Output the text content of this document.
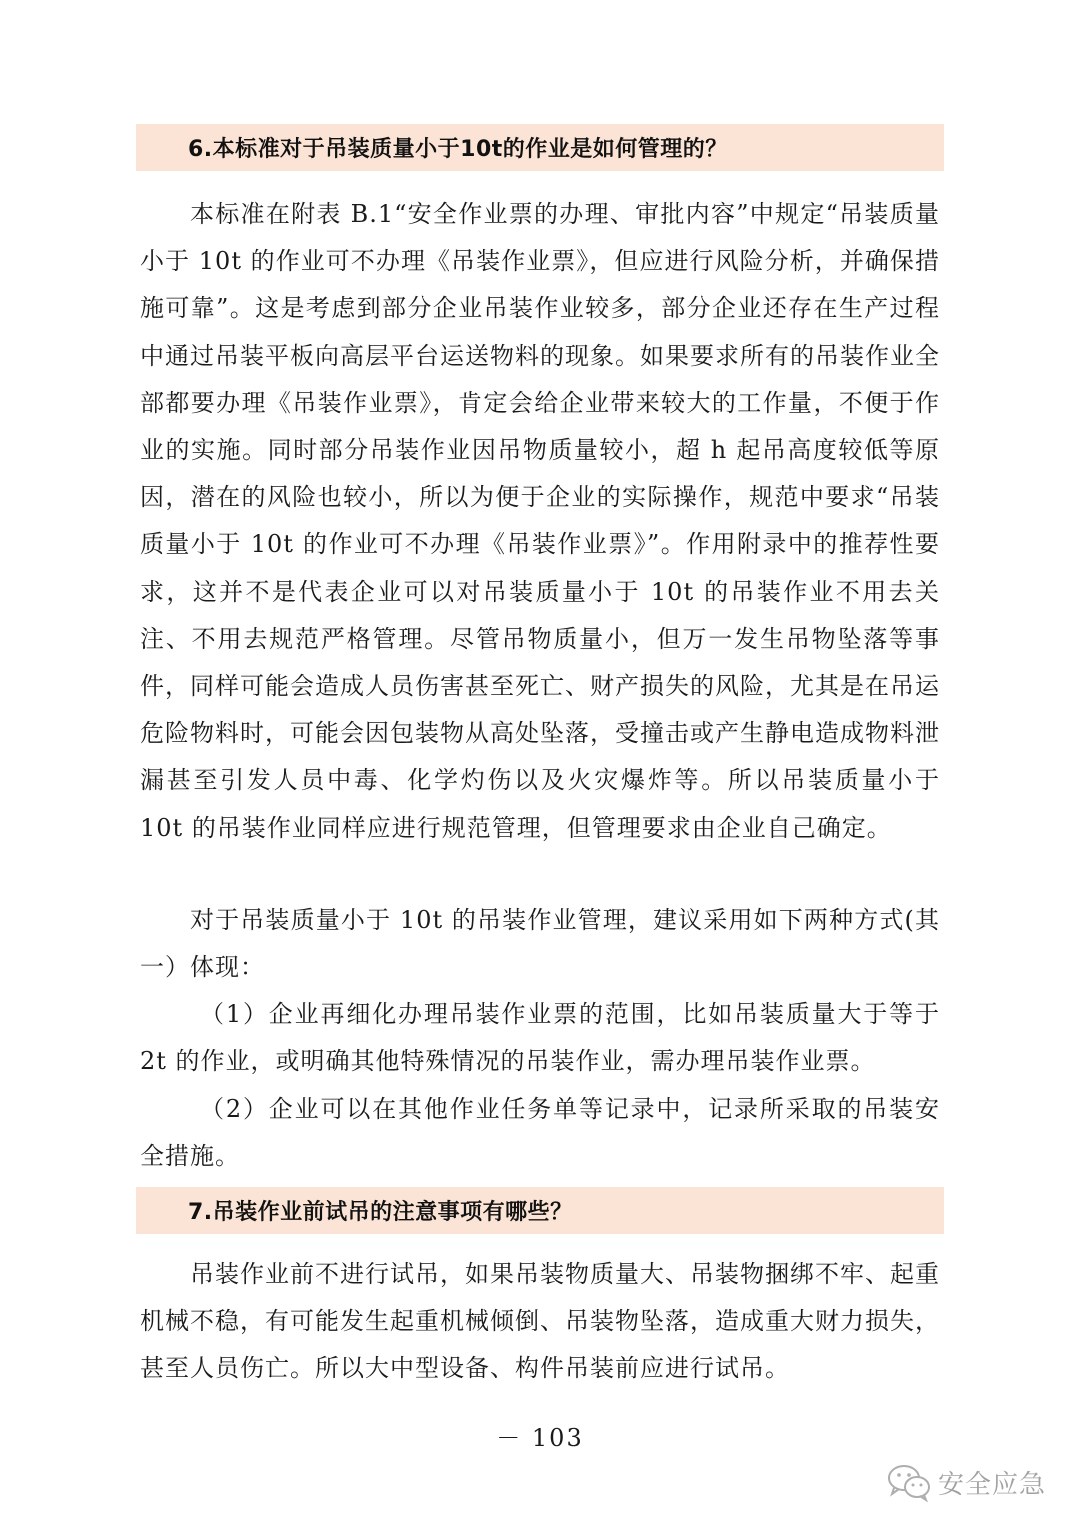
6.本标准对于吊装质量小于10t的作业是如何管理的？

本标准在附表 B.1“安全作业票的办理、审批内容”中规定“吊装质量小于 10t 的作业可不办理《吊装作业票》，但应进行风险分析，并确保措施可靠”。这是考虑到部分企业吊装作业较多，部分企业还存在生产过程中通过吊装平板向高层平台运送物料的现象。如果要求所有的吊装作业全部都要办理《吊装作业票》，肯定会给企业带来较大的工作量，不便于作业的实施。同时部分吊装作业因吊物质量较小，超 h 起吊高度较低等原因，潜在的风险也较小，所以为便于企业的实际操作，规范中要求“吊装质量小于 10t 的作业可不办理《吊装作业票》”。作用附录中的推荐性要求，这并不是代表企业可以对吊装质量小于 10t 的吊装作业不用去关注、不用去规范严格管理。尽管吊物质量小，但万一发生吊物坠落等事件，同样可能会造成人员伤害甚至死亡、财产损失的风险，尤其是在吊运危险物料时，可能会因包装物从高处坠落，受撞击或产生静电造成物料泄漏甚至引发人员中毒、化学灼伤以及火灾爆炸等。所以吊装质量小于 10t 的吊装作业同样应进行规范管理，但管理要求由企业自己确定。

对于吊装质量小于 10t 的吊装作业管理，建议采用如下两种方式(其一）体现：

（1）企业再细化办理吊装作业票的范围，比如吊装质量大于等于 2t 的作业，或明确其他特殊情况的吊装作业，需办理吊装作业票。

（2）企业可以在其他作业任务单等记录中，记录所采取的吊装安全措施。

7.吊装作业前试吊的注意事项有哪些？

吊装作业前不进行试吊，如果吊装物质量大、吊装物捆绑不牢、起重机械不稳，有可能发生起重机械倾倒、吊装物坠落，造成重大财力损失，甚至人员伤亡。所以大中型设备、构件吊装前应进行试吊。

－ 103
安全应急
